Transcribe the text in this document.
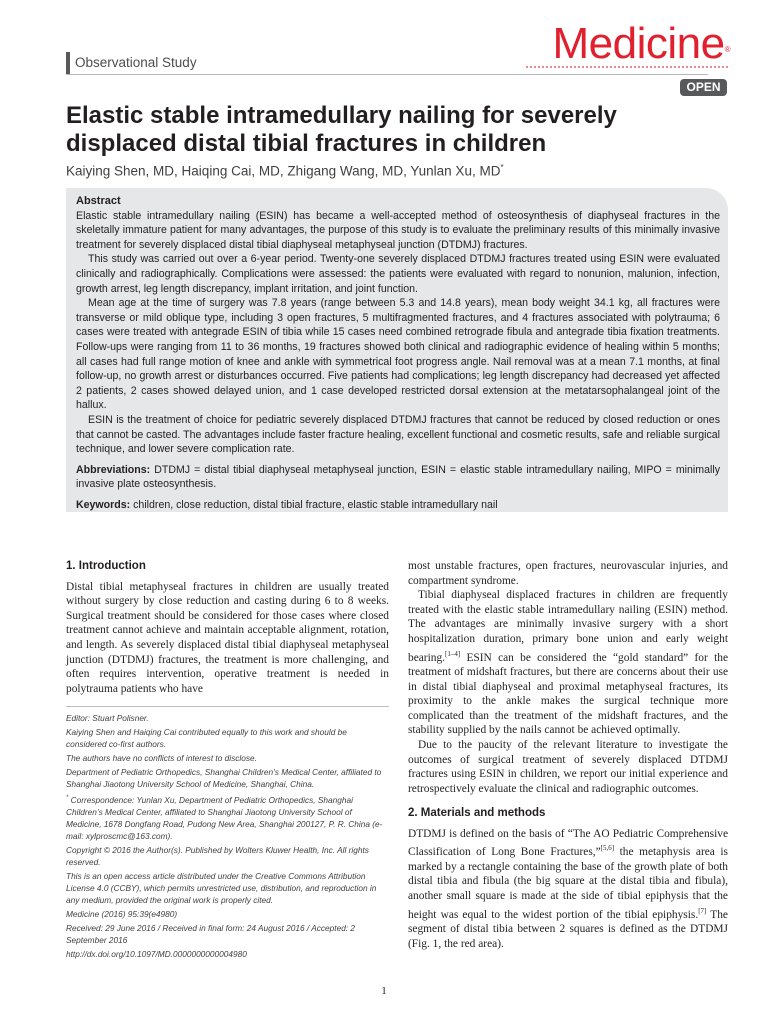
Observational Study	Medicine®
OPEN
Elastic stable intramedullary nailing for severely displaced distal tibial fractures in children
Kaiying Shen, MD, Haiqing Cai, MD, Zhigang Wang, MD, Yunlan Xu, MD*
Abstract

Elastic stable intramedullary nailing (ESIN) has became a well-accepted method of osteosynthesis of diaphyseal fractures in the skeletally immature patient for many advantages, the purpose of this study is to evaluate the preliminary results of this minimally invasive treatment for severely displaced distal tibial diaphyseal metaphyseal junction (DTDMJ) fractures.

This study was carried out over a 6-year period. Twenty-one severely displaced DTDMJ fractures treated using ESIN were evaluated clinically and radiographically. Complications were assessed: the patients were evaluated with regard to nonunion, malunion, infection, growth arrest, leg length discrepancy, implant irritation, and joint function.

Mean age at the time of surgery was 7.8 years (range between 5.3 and 14.8 years), mean body weight 34.1 kg, all fractures were transverse or mild oblique type, including 3 open fractures, 5 multifragmented fractures, and 4 fractures associated with polytrauma; 6 cases were treated with antegrade ESIN of tibia while 15 cases need combined retrograde fibula and antegrade tibia fixation treatments. Follow-ups were ranging from 11 to 36 months, 19 fractures showed both clinical and radiographic evidence of healing within 5 months; all cases had full range motion of knee and ankle with symmetrical foot progress angle. Nail removal was at a mean 7.1 months, at final follow-up, no growth arrest or disturbances occurred. Five patients had complications; leg length discrepancy had decreased yet affected 2 patients, 2 cases showed delayed union, and 1 case developed restricted dorsal extension at the metatarsophalangeal joint of the hallux.

ESIN is the treatment of choice for pediatric severely displaced DTDMJ fractures that cannot be reduced by closed reduction or ones that cannot be casted. The advantages include faster fracture healing, excellent functional and cosmetic results, safe and reliable surgical technique, and lower severe complication rate.

Abbreviations: DTDMJ = distal tibial diaphyseal metaphyseal junction, ESIN = elastic stable intramedullary nailing, MIPO = minimally invasive plate osteosynthesis.

Keywords: children, close reduction, distal tibial fracture, elastic stable intramedullary nail

1. Introduction

Distal tibial metaphyseal fractures in children are usually treated without surgery by close reduction and casting during 6 to 8 weeks. Surgical treatment should be considered for those cases where closed treatment cannot achieve and maintain acceptable alignment, rotation, and length. As severely displaced distal tibial diaphyseal metaphyseal junction (DTDMJ) fractures, the treatment is more challenging, and often requires intervention, operative treatment is needed in polytrauma patients who have

Editor: Stuart Polisner.

Kaiying Shen and Haiqing Cai contributed equally to this work and should be considered co-first authors.

The authors have no conflicts of interest to disclose.

Department of Pediatric Orthopedics, Shanghai Children’s Medical Center, affiliated to Shanghai Jiaotong University School of Medicine, Shanghai, China.

* Correspondence: Yunlan Xu, Department of Pediatric Orthopedics, Shanghai Children’s Medical Center, affiliated to Shanghai Jiaotong University School of Medicine, 1678 Dongfang Road, Pudong New Area, Shanghai 200127, P. R. China (e-mail: xylproscmc@163.com).

Copyright © 2016 the Author(s). Published by Wolters Kluwer Health, Inc. All rights reserved.

This is an open access article distributed under the Creative Commons Attribution License 4.0 (CCBY), which permits unrestricted use, distribution, and reproduction in any medium, provided the original work is properly cited.

Medicine (2016) 95:39(e4980)

Received: 29 June 2016 / Received in final form: 24 August 2016 / Accepted: 2 September 2016

http://dx.doi.org/10.1097/MD.0000000000004980

most unstable fractures, open fractures, neurovascular injuries, and compartment syndrome.

Tibial diaphyseal displaced fractures in children are frequently treated with the elastic stable intramedullary nailing (ESIN) method. The advantages are minimally invasive surgery with a short hospitalization duration, primary bone union and early weight bearing.[1–4] ESIN can be considered the “gold standard” for the treatment of midshaft fractures, but there are concerns about their use in distal tibial diaphyseal and proximal metaphyseal fractures, its proximity to the ankle makes the surgical technique more complicated than the treatment of the midshaft fractures, and the stability supplied by the nails cannot be achieved optimally.

Due to the paucity of the relevant literature to investigate the outcomes of surgical treatment of severely displaced DTDMJ fractures using ESIN in children, we report our initial experience and retrospectively evaluate the clinical and radiographic outcomes.

2. Materials and methods

DTDMJ is defined on the basis of “The AO Pediatric Comprehensive Classification of Long Bone Fractures,”[5,6] the metaphysis area is marked by a rectangle containing the base of the growth plate of both distal tibia and fibula (the big square at the distal tibia and fibula), another small square is made at the side of tibial epiphysis that the height was equal to the widest portion of the tibial epiphysis.[7] The segment of distal tibia between 2 squares is defined as the DTDMJ (Fig. 1, the red area).

1
